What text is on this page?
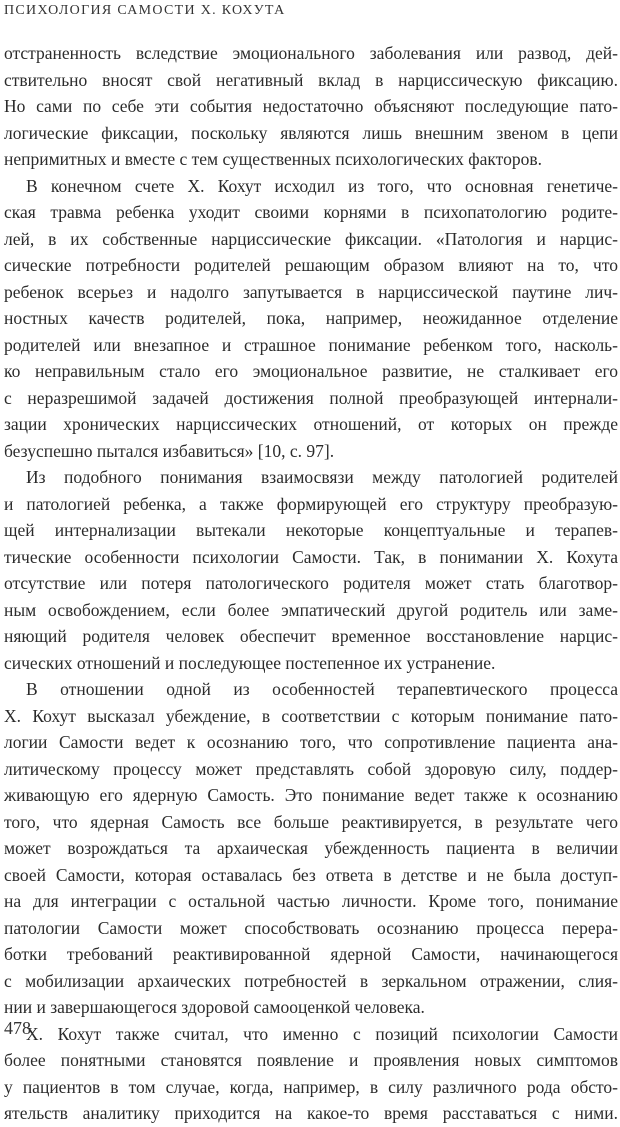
ПСИХОЛОГИЯ САМОСТИ Х. КОХУТА
отстраненность вследствие эмоционального заболевания или развод, дей-
ствительно вносят свой негативный вклад в нарциссическую фиксацию.
Но сами по себе эти события недостаточно объясняют последующие пато-
логические фиксации, поскольку являются лишь внешним звеном в цепи
непримитных и вместе с тем существенных психологических факторов.
В конечном счете Х. Кохут исходил из того, что основная генетиче-
ская травма ребенка уходит своими корнями в психопатологию родите-
лей, в их собственные нарциссические фиксации. «Патология и нарцис-
сические потребности родителей решающим образом влияют на то, что
ребенок всерьез и надолго запутывается в нарциссической паутине лич-
ностных качеств родителей, пока, например, неожиданное отделение
родителей или внезапное и страшное понимание ребенком того, насколь-
ко неправильным стало его эмоциональное развитие, не сталкивает его
с неразрешимой задачей достижения полной преобразующей интернали-
зации хронических нарциссических отношений, от которых он прежде
безуспешно пытался избавиться» [10, с. 97].
Из подобного понимания взаимосвязи между патологией родителей
и патологией ребенка, а также формирующей его структуру преобразую-
щей интернализации вытекали некоторые концептуальные и терапев-
тические особенности психологии Самости. Так, в понимании Х. Кохута
отсутствие или потеря патологического родителя может стать благотвор-
ным освобождением, если более эмпатический другой родитель или заме-
няющий родителя человек обеспечит временное восстановление нарцис-
сических отношений и последующее постепенное их устранение.
В отношении одной из особенностей терапевтического процесса
Х. Кохут высказал убеждение, в соответствии с которым понимание пато-
логии Самости ведет к осознанию того, что сопротивление пациента ана-
литическому процессу может представлять собой здоровую силу, поддер-
живающую его ядерную Самость. Это понимание ведет также к осознанию
того, что ядерная Самость все больше реактивируется, в результате чего
может возрождаться та архаическая убежденность пациента в величии
своей Самости, которая оставалась без ответа в детстве и не была доступ-
на для интеграции с остальной частью личности. Кроме того, понимание
патологии Самости может способствовать осознанию процесса перера-
ботки требований реактивированной ядерной Самости, начинающегося
с мобилизации архаических потребностей в зеркальном отражении, слия-
нии и завершающегося здоровой самооценкой человека.
Х. Кохут также считал, что именно с позиций психологии Самости
более понятными становятся появление и проявления новых симптомов
у пациентов в том случае, когда, например, в силу различного рода обсто-
ятельств аналитику приходится на какое-то время расставаться с ними.
478
